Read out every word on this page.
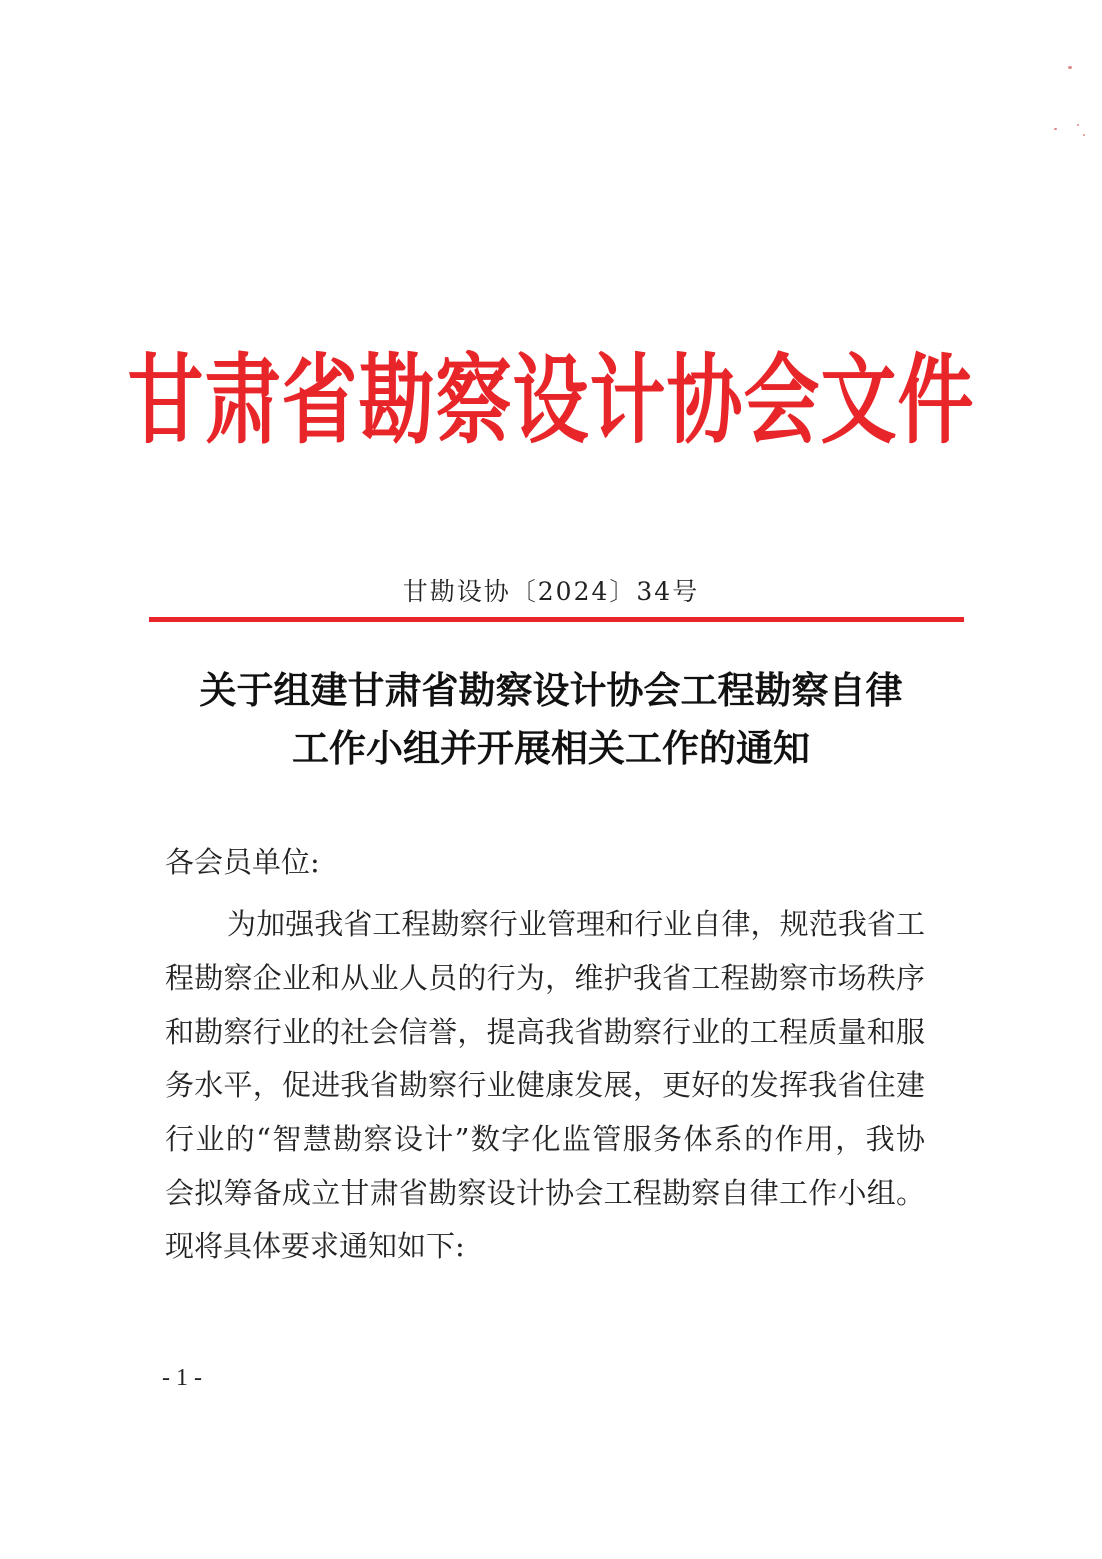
甘肃省勘察设计协会文件
甘勘设协〔2024〕34号
关于组建甘肃省勘察设计协会工程勘察自律
工作小组并开展相关工作的通知
各会员单位:
为加强我省工程勘察行业管理和行业自律，规范我省工
程勘察企业和从业人员的行为，维护我省工程勘察市场秩序
和勘察行业的社会信誉，提高我省勘察行业的工程质量和服
务水平，促进我省勘察行业健康发展，更好的发挥我省住建
行业的“智慧勘察设计”数字化监管服务体系的作用，我协
会拟筹备成立甘肃省勘察设计协会工程勘察自律工作小组。
现将具体要求通知如下:
- 1 -
